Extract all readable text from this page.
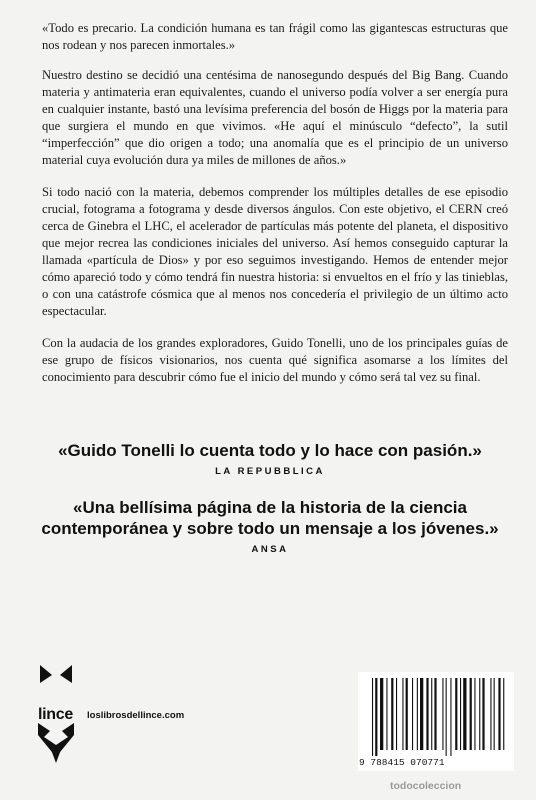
«Todo es precario. La condición humana es tan frágil como las gigantescas estructuras que nos rodean y nos parecen inmortales.»

Nuestro destino se decidió una centésima de nanosegundo después del Big Bang. Cuando materia y antimateria eran equivalentes, cuando el universo podía volver a ser energía pura en cualquier instante, bastó una levísima preferencia del bosón de Higgs por la materia para que surgiera el mundo en que vivimos. «He aquí el minúsculo “defecto”, la sutil “imperfección” que dio origen a todo; una anomalía que es el principio de un universo material cuya evolución dura ya miles de millones de años.»

Si todo nació con la materia, debemos comprender los múltiples detalles de ese episodio crucial, fotograma a fotograma y desde diversos ángulos. Con este objetivo, el CERN creó cerca de Ginebra el LHC, el acelerador de partículas más potente del planeta, el dispositivo que mejor recrea las condiciones iniciales del universo. Así hemos conseguido capturar la llamada «partícula de Dios» y por eso seguimos investigando. Hemos de entender mejor cómo apareció todo y cómo tendrá fin nuestra historia: si envueltos en el frío y las tinieblas, o con una catástrofe cósmica que al menos nos concedería el privilegio de un último acto espectacular.

Con la audacia de los grandes exploradores, Guido Tonelli, uno de los principales guías de ese grupo de físicos visionarios, nos cuenta qué significa asomarse a los límites del conocimiento para descubrir cómo fue el inicio del mundo y cómo será tal vez su final.

«Guido Tonelli lo cuenta todo y lo hace con pasión.»
LA REPUBBLICA
«Una bellísima página de la historia de la ciencia contemporánea y sobre todo un mensaje a los jóvenes.»
ANSA
lince loslibrosdellince.com
9 788415 070771
todocoleccion
